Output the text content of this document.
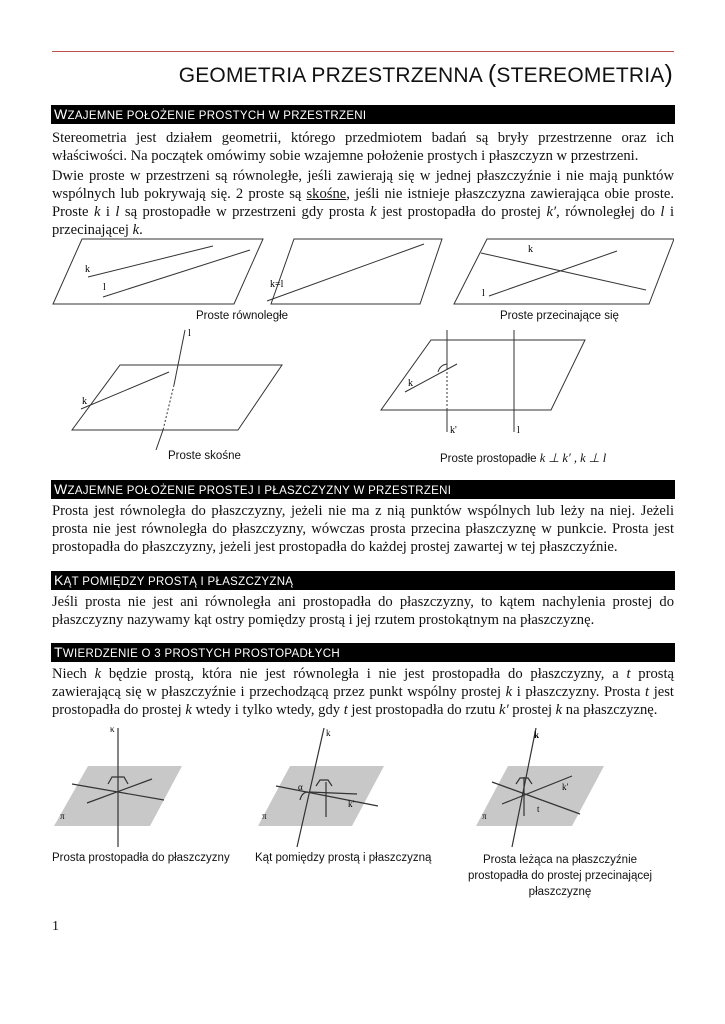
GEOMETRIA PRZESTRZENNA (STEREOMETRIA)
WZAJEMNE POŁOŻENIE PROSTYCH W PRZESTRZENI
Stereometria jest działem geometrii, którego przedmiotem badań są bryły przestrzenne oraz ich właściwości. Na początek omówimy sobie wzajemne położenie prostych i płaszczyzn w przestrzeni.
Dwie proste w przestrzeni są równoległe, jeśli zawierają się w jednej płaszczyźnie i nie mają punktów wspólnych lub pokrywają się. 2 proste są skośne, jeśli nie istnieje płaszczyzna zawierająca obie proste. Proste k i l są prostopadłe w przestrzeni gdy prosta k jest prostopadła do prostej k′, równoległej do l i przecinającej k.
k
l	k=l
k
l
Proste równoległe	Proste przecinające się
l
k
k
k'	l
Proste skośne	Proste prostopadłe k ⊥ k′ , k ⊥ l
WZAJEMNE POŁOŻENIE PROSTEJ I PŁASZCZYZNY W PRZESTRZENI
Prosta jest równoległa do płaszczyzny, jeżeli nie ma z nią punktów wspólnych lub leży na niej. Jeżeli prosta nie jest równoległa do płaszczyzny, wówczas prosta przecina płaszczyznę w punkcie. Prosta jest prostopadła do płaszczyzny, jeżeli jest prostopadła do każdej prostej zawartej w tej płaszczyźnie.
KĄT POMIĘDZY PROSTĄ I PŁASZCZYZNĄ
Jeśli prosta nie jest ani równoległa ani prostopadła do płaszczyzny, to kątem nachylenia prostej do płaszczyzny nazywamy kąt ostry pomiędzy prostą i jej rzutem prostokątnym na płaszczyznę.
TWIERDZENIE O 3 PROSTYCH PROSTOPADŁYCH
Niech k będzie prostą, która nie jest równoległa i nie jest prostopadła do płaszczyzny, a t prostą zawierającą się w płaszczyźnie i przechodzącą przez punkt wspólny prostej k i płaszczyzny. Prosta t jest prostopadła do prostej k wtedy i tylko wtedy, gdy t jest prostopadła do rzutu k′ prostej k na płaszczyznę.
κ
π
k
k′
α
π
k
k′
t
π
Prosta prostopadła do płaszczyzny Kąt pomiędzy prostą i płaszczyzną	Prosta leżąca na płaszczyźnie
prostopadła do prostej przecinającej
płaszczyznę
1
